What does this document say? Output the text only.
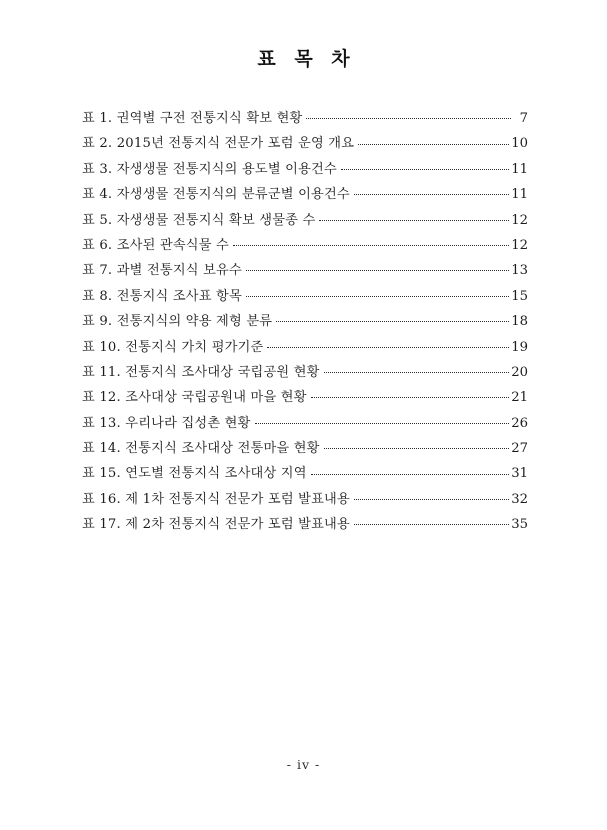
표 목 차
표 1. 권역별 구전 전통지식 확보 현황	7
표 2. 2015년 전통지식 전문가 포럼 운영 개요	10
표 3. 자생생물 전통지식의 용도별 이용건수	11
표 4. 자생생물 전통지식의 분류군별 이용건수	11
표 5. 자생생물 전통지식 확보 생물종 수	12
표 6. 조사된 관속식물 수	12
표 7. 과별 전통지식 보유수	13
표 8. 전통지식 조사표 항목	15
표 9. 전통지식의 약용 제형 분류	18
표 10. 전통지식 가치 평가기준	19
표 11. 전통지식 조사대상 국립공원 현황	20
표 12. 조사대상 국립공원내 마을 현황	21
표 13. 우리나라 집성촌 현황	26
표 14. 전통지식 조사대상 전통마을 현황	27
표 15. 연도별 전통지식 조사대상 지역	31
표 16. 제 1차 전통지식 전문가 포럼 발표내용	32
표 17. 제 2차 전통지식 전문가 포럼 발표내용	35
- iv -
